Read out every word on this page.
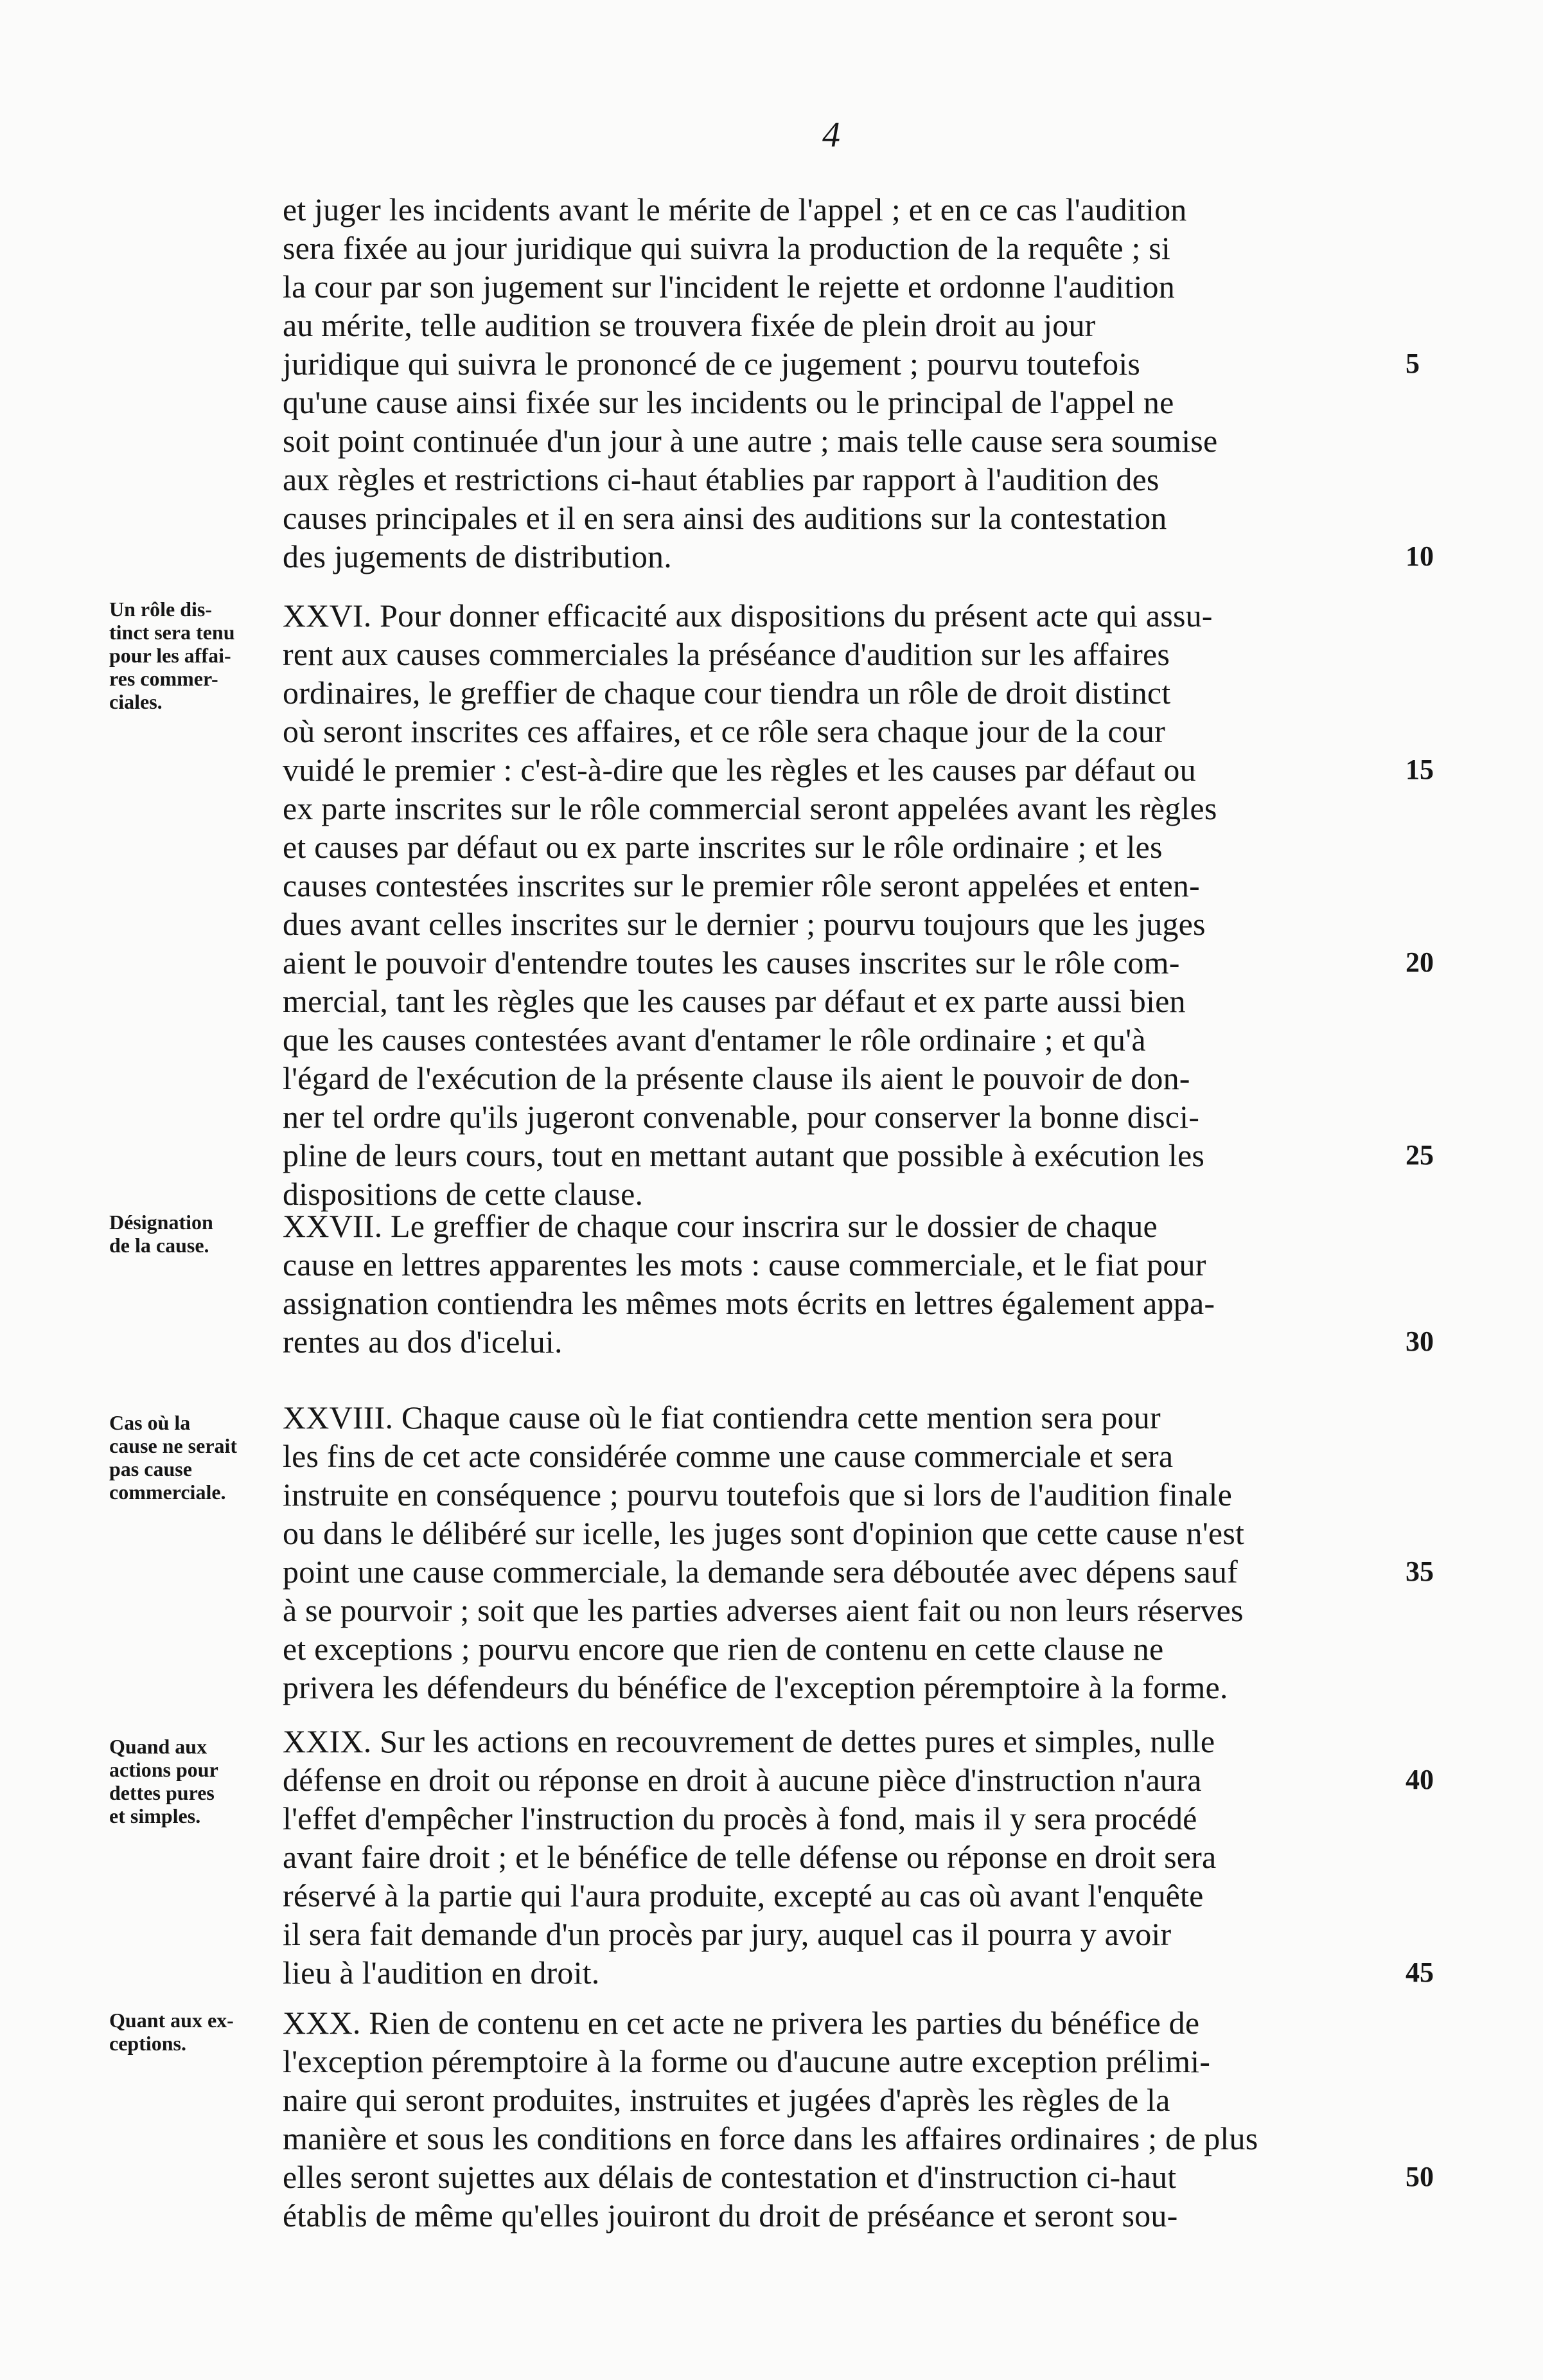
4
et juger les incidents avant le mérite de l'appel ; et en ce cas l'audition
sera fixée au jour juridique qui suivra la production de la requête ; si
la cour par son jugement sur l'incident le rejette et ordonne l'audition
au mérite, telle audition se trouvera fixée de plein droit au jour
juridique qui suivra le prononcé de ce jugement ; pourvu toutefois
qu'une cause ainsi fixée sur les incidents ou le principal de l'appel ne
soit point continuée d'un jour à une autre ; mais telle cause sera soumise
aux règles et restrictions ci-haut établies par rapport à l'audition des
causes principales et il en sera ainsi des auditions sur la contestation
des jugements de distribution.
5
10
Un rôle dis-
tinct sera tenu
pour les affai-
res commer-
ciales.
XXVI. Pour donner efficacité aux dispositions du présent acte qui assu-
rent aux causes commerciales la préséance d'audition sur les affaires
ordinaires, le greffier de chaque cour tiendra un rôle de droit distinct
où seront inscrites ces affaires, et ce rôle sera chaque jour de la cour
vuidé le premier : c'est-à-dire que les règles et les causes par défaut ou
ex parte inscrites sur le rôle commercial seront appelées avant les règles
et causes par défaut ou ex parte inscrites sur le rôle ordinaire ; et les
causes contestées inscrites sur le premier rôle seront appelées et enten-
dues avant celles inscrites sur le dernier ; pourvu toujours que les juges
aient le pouvoir d'entendre toutes les causes inscrites sur le rôle com-
mercial, tant les règles que les causes par défaut et ex parte aussi bien
que les causes contestées avant d'entamer le rôle ordinaire ; et qu'à
l'égard de l'exécution de la présente clause ils aient le pouvoir de don-
ner tel ordre qu'ils jugeront convenable, pour conserver la bonne disci-
pline de leurs cours, tout en mettant autant que possible à exécution les
dispositions de cette clause.
15
20
25
Désignation
de la cause.
XXVII. Le greffier de chaque cour inscrira sur le dossier de chaque
cause en lettres apparentes les mots : cause commerciale, et le fiat pour
assignation contiendra les mêmes mots écrits en lettres également appa-
rentes au dos d'icelui.	30
Cas où la
cause ne serait
pas cause
commerciale.
XXVIII. Chaque cause où le fiat contiendra cette mention sera pour
les fins de cet acte considérée comme une cause commerciale et sera
instruite en conséquence ; pourvu toutefois que si lors de l'audition finale
ou dans le délibéré sur icelle, les juges sont d'opinion que cette cause n'est
point une cause commerciale, la demande sera déboutée avec dépens sauf
à se pourvoir ; soit que les parties adverses aient fait ou non leurs réserves
et exceptions ; pourvu encore que rien de contenu en cette clause ne
privera les défendeurs du bénéfice de l'exception péremptoire à la forme.
35
Quand aux
actions pour
dettes pures
et simples.
XXIX. Sur les actions en recouvrement de dettes pures et simples, nulle
défense en droit ou réponse en droit à aucune pièce d'instruction n'aura
l'effet d'empêcher l'instruction du procès à fond, mais il y sera procédé
avant faire droit ; et le bénéfice de telle défense ou réponse en droit sera
réservé à la partie qui l'aura produite, excepté au cas où avant l'enquête
il sera fait demande d'un procès par jury, auquel cas il pourra y avoir
lieu à l'audition en droit.
40
45
Quant aux ex-
ceptions.
XXX. Rien de contenu en cet acte ne privera les parties du bénéfice de
l'exception péremptoire à la forme ou d'aucune autre exception prélimi-
naire qui seront produites, instruites et jugées d'après les règles de la
manière et sous les conditions en force dans les affaires ordinaires ; de plus
elles seront sujettes aux délais de contestation et d'instruction ci-haut
établis de même qu'elles jouiront du droit de préséance et seront sou-
50
